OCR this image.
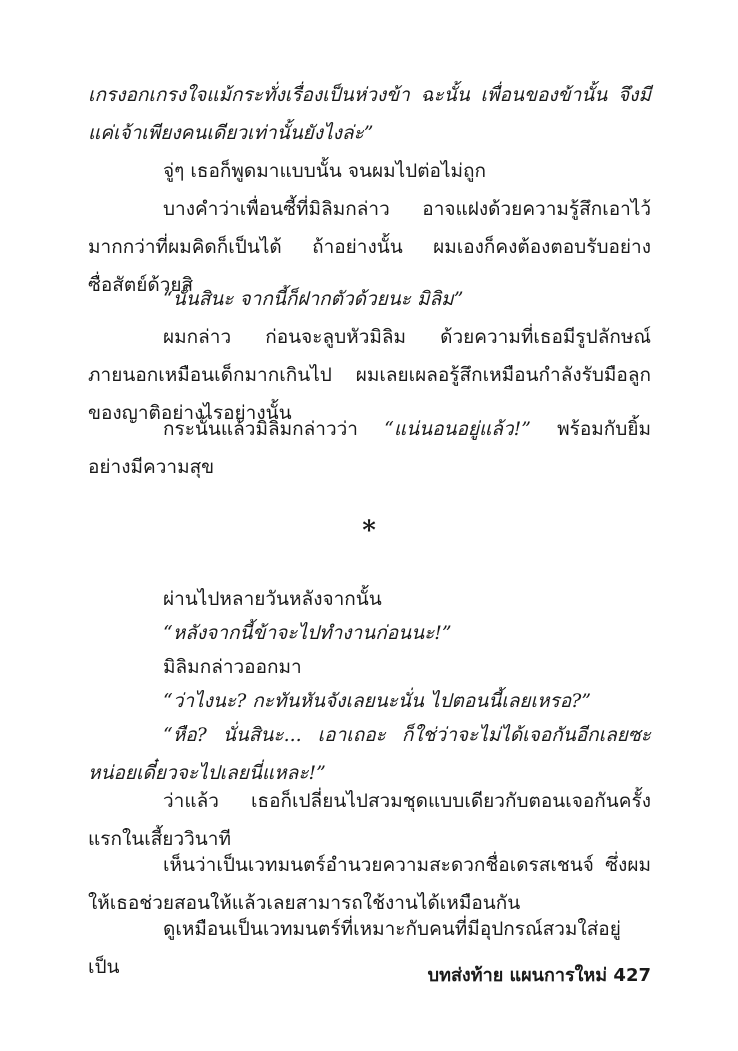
เกรงอกเกรงใจแม้กระทั่งเรื่องเป็นห่วงข้า ฉะนั้น เพื่อนของข้านั้น จึงมีแค่เจ้าเพียงคนเดียวเท่านั้นยังไงล่ะ”

จู่ๆ เธอก็พูดมาแบบนั้น จนผมไปต่อไม่ถูก

บางคำว่าเพื่อนซี้ที่มิลิมกล่าว อาจแฝงด้วยความรู้สึกเอาไว้มากกว่าที่ผมคิดก็เป็นได้ ถ้าอย่างนั้น ผมเองก็คงต้องตอบรับอย่างซื่อสัตย์ด้วยสิ

“นั่นสินะ จากนี้ก็ฝากตัวด้วยนะ มิลิม”

ผมกล่าว ก่อนจะลูบหัวมิลิม ด้วยความที่เธอมีรูปลักษณ์ภายนอกเหมือนเด็กมากเกินไป ผมเลยเผลอรู้สึกเหมือนกำลังรับมือลูกของญาติอย่างไรอย่างนั้น

กระนั้นแล้วมิลิมกล่าวว่า “แน่นอนอยู่แล้ว!” พร้อมกับยิ้มอย่างมีความสุข

*

ผ่านไปหลายวันหลังจากนั้น

“หลังจากนี้ข้าจะไปทำงานก่อนนะ!”

มิลิมกล่าวออกมา

“ว่าไงนะ? กะทันหันจังเลยนะนั่น ไปตอนนี้เลยเหรอ?”

“หือ? นั่นสินะ... เอาเถอะ ก็ใช่ว่าจะไม่ได้เจอกันอีกเลยซะหน่อยเดี๋ยวจะไปเลยนี่แหละ!”

ว่าแล้ว เธอก็เปลี่ยนไปสวมชุดแบบเดียวกับตอนเจอกันครั้งแรกในเสี้ยววินาที

เห็นว่าเป็นเวทมนตร์อำนวยความสะดวกชื่อเดรสเชนจ์ ซึ่งผมให้เธอช่วยสอนให้แล้วเลยสามารถใช้งานได้เหมือนกัน

ดูเหมือนเป็นเวทมนตร์ที่เหมาะกับคนที่มีอุปกรณ์สวมใส่อยู่เป็น	บทส่งท้าย แผนการใหม่ 427
